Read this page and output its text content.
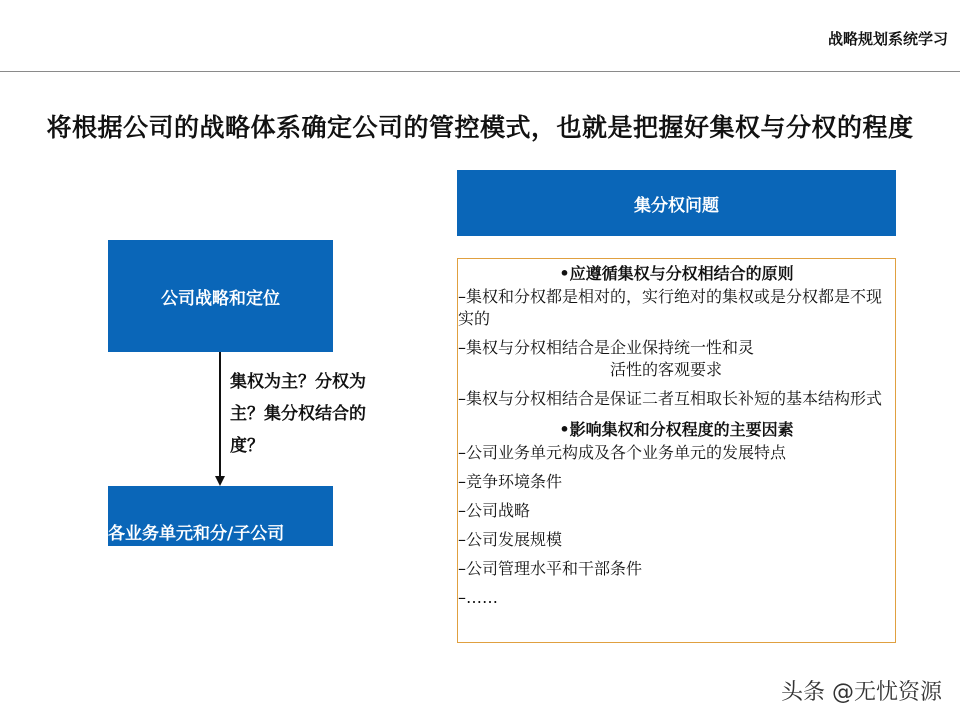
战略规划系统学习
将根据公司的战略体系确定公司的管控模式，也就是把握好集权与分权的程度
公司战略和定位
集权为主？分权为主？集分权结合的度？
各业务单元和分/子公司
集分权问题
•应遵循集权与分权相结合的原则
–集权和分权都是相对的，实行绝对的集权或是分权都是不现实的
–集权与分权相结合是企业保持统一性和灵
活性的客观要求
–集权与分权相结合是保证二者互相取长补短的基本结构形式
•影响集权和分权程度的主要因素
–公司业务单元构成及各个业务单元的发展特点
–竞争环境条件
–公司战略
–公司发展规模
–公司管理水平和干部条件
–……
头条 @无忧资源
